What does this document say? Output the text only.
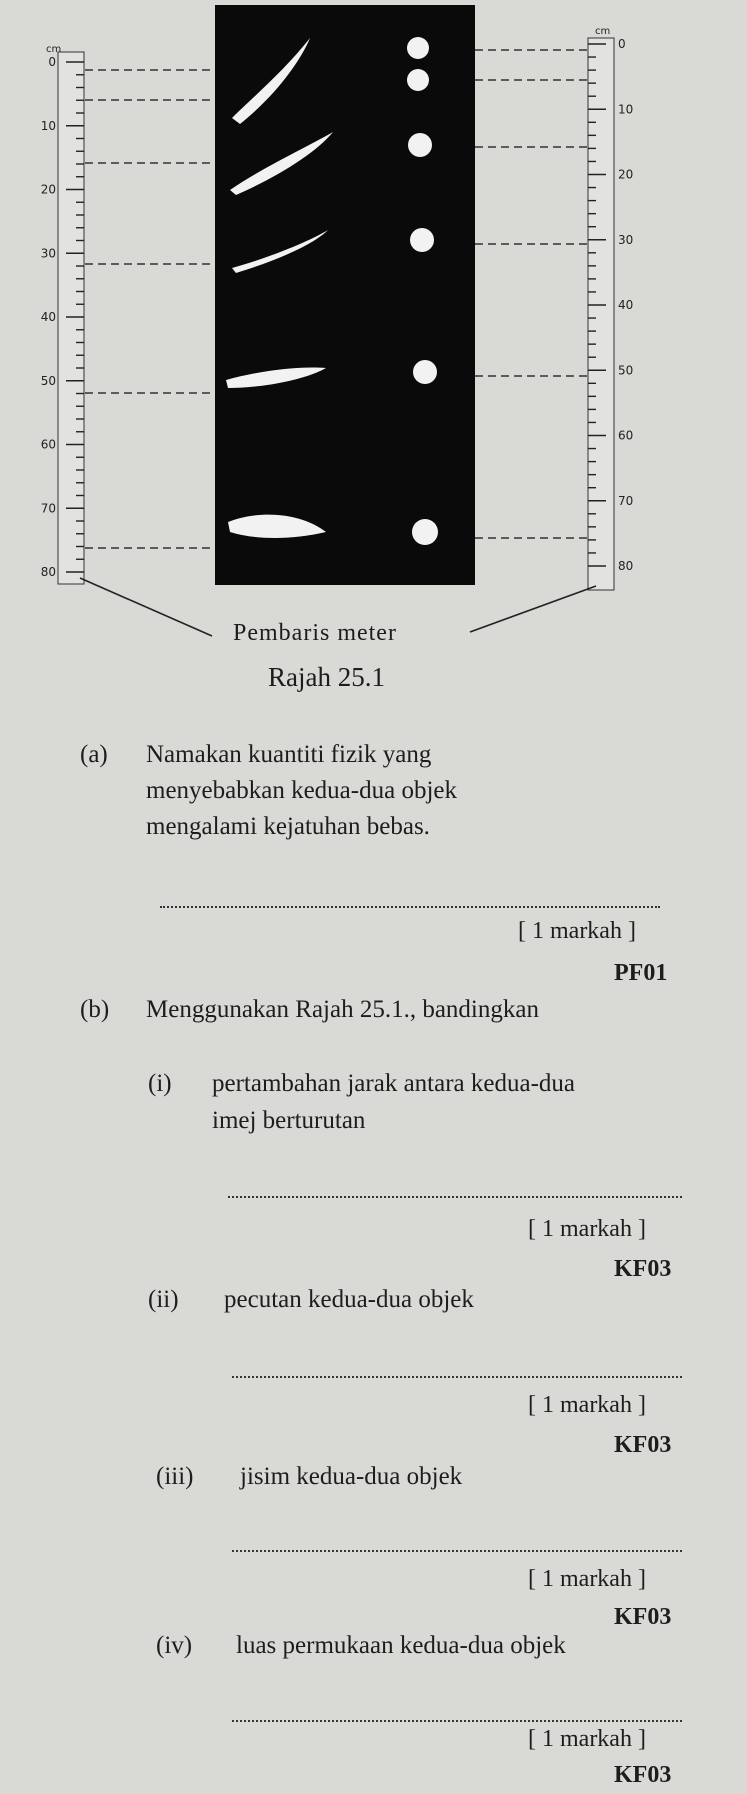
0
10
20
30
40
50
60
70
80
cm	0
10
20
30
40
50
60
70
80
cm
Pembaris meter
Rajah 25.1
(a) Namakan kuantiti fizik yang
menyebabkan kedua-dua objek
mengalami kejatuhan bebas.
[ 1 markah ]
PF01
(b) Menggunakan Rajah 25.1., bandingkan
(i) pertambahan jarak antara kedua-dua
imej berturutan
[ 1 markah ]
KF03
(ii) pecutan kedua-dua objek
[ 1 markah ]
KF03
(iii) jisim kedua-dua objek
[ 1 markah ]
KF03
(iv) luas permukaan kedua-dua objek
[ 1 markah ]
KF03
